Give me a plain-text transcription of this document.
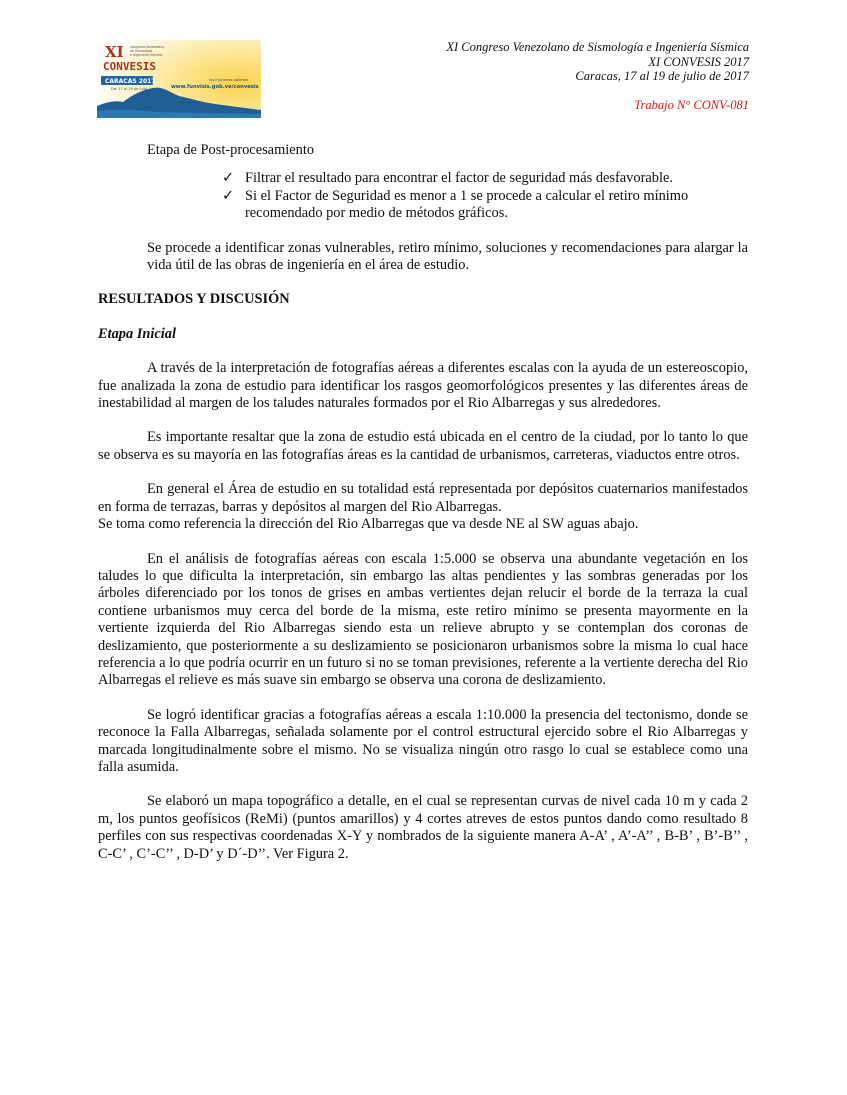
XI
CONVESIS
Congreso Venezolano
de Sismología
e Ingeniería Sísmica
CARACAS 2017
Del 17 al 19 de julio
inscripciones abiertas
www.funvisis.gob.ve/convesis
XI Congreso Venezolano de Sismología e Ingeniería Sísmica
XI CONVESIS 2017
Caracas, 17 al 19 de julio de 2017
Trabajo N° CONV-081

Etapa de Post-procesamiento

✓ Filtrar el resultado para encontrar el factor de seguridad más desfavorable.
✓ Si el Factor de Seguridad es menor a 1 se procede a calcular el retiro mínimo recomendado por medio de métodos gráficos.

Se procede a identificar zonas vulnerables, retiro mínimo, soluciones y recomendaciones para alargar la vida útil de las obras de ingeniería en el área de estudio.

RESULTADOS Y DISCUSIÓN

Etapa Inicial

A través de la interpretación de fotografías aéreas a diferentes escalas con la ayuda de un estereoscopio, fue analizada la zona de estudio para identificar los rasgos geomorfológicos presentes y las diferentes áreas de inestabilidad al margen de los taludes naturales formados por el Rio Albarregas y sus alrededores.

Es importante resaltar que la zona de estudio está ubicada en el centro de la ciudad, por lo tanto lo que se observa es su mayoría en las fotografías áreas es la cantidad de urbanismos, carreteras, viaductos entre otros.

En general el Área de estudio en su totalidad está representada por depósitos cuaternarios manifestados en forma de terrazas, barras y depósitos al margen del Rio Albarregas.

Se toma como referencia la dirección del Rio Albarregas que va desde NE al SW aguas abajo.

En el análisis de fotografías aéreas con escala 1:5.000 se observa una abundante vegetación en los taludes lo que dificulta la interpretación, sin embargo las altas pendientes y las sombras generadas por los árboles diferenciado por los tonos de grises en ambas vertientes dejan relucir el borde de la terraza la cual contiene urbanismos muy cerca del borde de la misma, este retiro mínimo se presenta mayormente en la vertiente izquierda del Rio Albarregas siendo esta un relieve abrupto y se contemplan dos coronas de deslizamiento, que posteriormente a su deslizamiento se posicionaron urbanismos sobre la misma lo cual hace referencia a lo que podría ocurrir en un futuro si no se toman previsiones, referente a la vertiente derecha del Rio Albarregas el relieve es más suave sin embargo se observa una corona de deslizamiento.

Se logró identificar gracias a fotografías aéreas a escala 1:10.000 la presencia del tectonismo, donde se reconoce la Falla Albarregas, señalada solamente por el control estructural ejercido sobre el Rio Albarregas y marcada longitudinalmente sobre el mismo. No se visualiza ningún otro rasgo lo cual se establece como una falla asumida.

Se elaboró un mapa topográfico a detalle, en el cual se representan curvas de nivel cada 10 m y cada 2 m, los puntos geofísicos (ReMi) (puntos amarillos) y 4 cortes atreves de estos puntos dando como resultado 8 perfiles con sus respectivas coordenadas X-Y y nombrados de la siguiente manera A-A’ , A’-A’’ , B-B’ , B’-B’’ , C-C’ , C’-C’’ , D-D’ y D´-D’’. Ver Figura 2.
